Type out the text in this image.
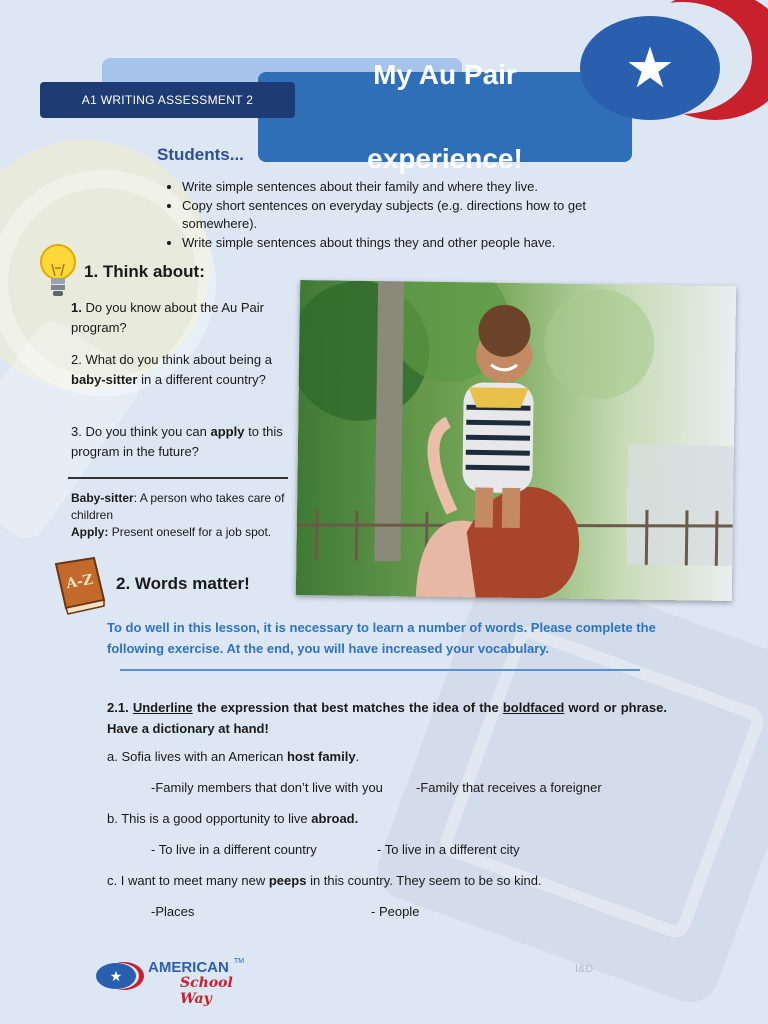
★
A1 WRITING ASSESSMENT 2
My Au Pair

experience!
Students...
• Write simple sentences about their family and where they live.
• Copy short sentences on everyday subjects (e.g. directions how to get somewhere).
• Write simple sentences about things they and other people have.
1. Think about:
1. Do you know about the Au Pair program?
2. What do you think about being a baby-sitter in a different country?
3. Do you think you can apply to this program in the future?
Baby-sitter: A person who takes care of children
Apply: Present oneself for a job spot.
A-Z 2. Words matter!
To do well in this lesson, it is necessary to learn a number of words. Please complete the following exercise. At the end, you will have increased your vocabulary.
2.1. Underline the expression that best matches the idea of the boldfaced word or phrase. Have a dictionary at hand!
a. Sofia lives with an American host family.
-Family members that don’t live with you	-Family that receives a foreigner
b. This is a good opportunity to live abroad.
- To live in a different country	- To live in a different city
c. I want to meet many new peeps in this country. They seem to be so kind.
-Places	- People
★
AMERICAN TM
School Way
I&D
